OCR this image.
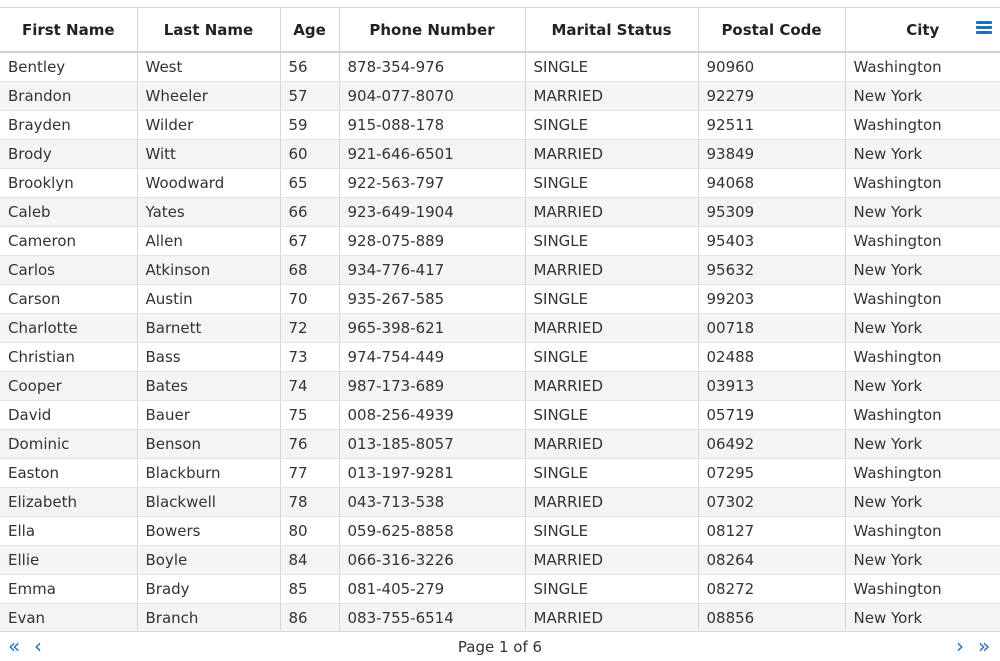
First Name	Last Name	Age	Phone Number	Marital Status	Postal Code	City

Bentley	West	56	878-354-976	SINGLE	90960	Washington
Brandon	Wheeler	57	904-077-8070	MARRIED	92279	New York
Brayden	Wilder	59	915-088-178	SINGLE	92511	Washington
Brody	Witt	60	921-646-6501	MARRIED	93849	New York
Brooklyn	Woodward	65	922-563-797	SINGLE	94068	Washington
Caleb	Yates	66	923-649-1904	MARRIED	95309	New York
Cameron	Allen	67	928-075-889	SINGLE	95403	Washington
Carlos	Atkinson	68	934-776-417	MARRIED	95632	New York
Carson	Austin	70	935-267-585	SINGLE	99203	Washington
Charlotte	Barnett	72	965-398-621	MARRIED	00718	New York
Christian	Bass	73	974-754-449	SINGLE	02488	Washington
Cooper	Bates	74	987-173-689	MARRIED	03913	New York
David	Bauer	75	008-256-4939	SINGLE	05719	Washington
Dominic	Benson	76	013-185-8057	MARRIED	06492	New York
Easton	Blackburn	77	013-197-9281	SINGLE	07295	Washington
Elizabeth	Blackwell	78	043-713-538	MARRIED	07302	New York
Ella	Bowers	80	059-625-8858	SINGLE	08127	Washington
Ellie	Boyle	84	066-316-3226	MARRIED	08264	New York
Emma	Brady	85	081-405-279	SINGLE	08272	Washington
Evan	Branch	86	083-755-6514	MARRIED	08856	New York
« ‹	Page 1 of 6	› »
